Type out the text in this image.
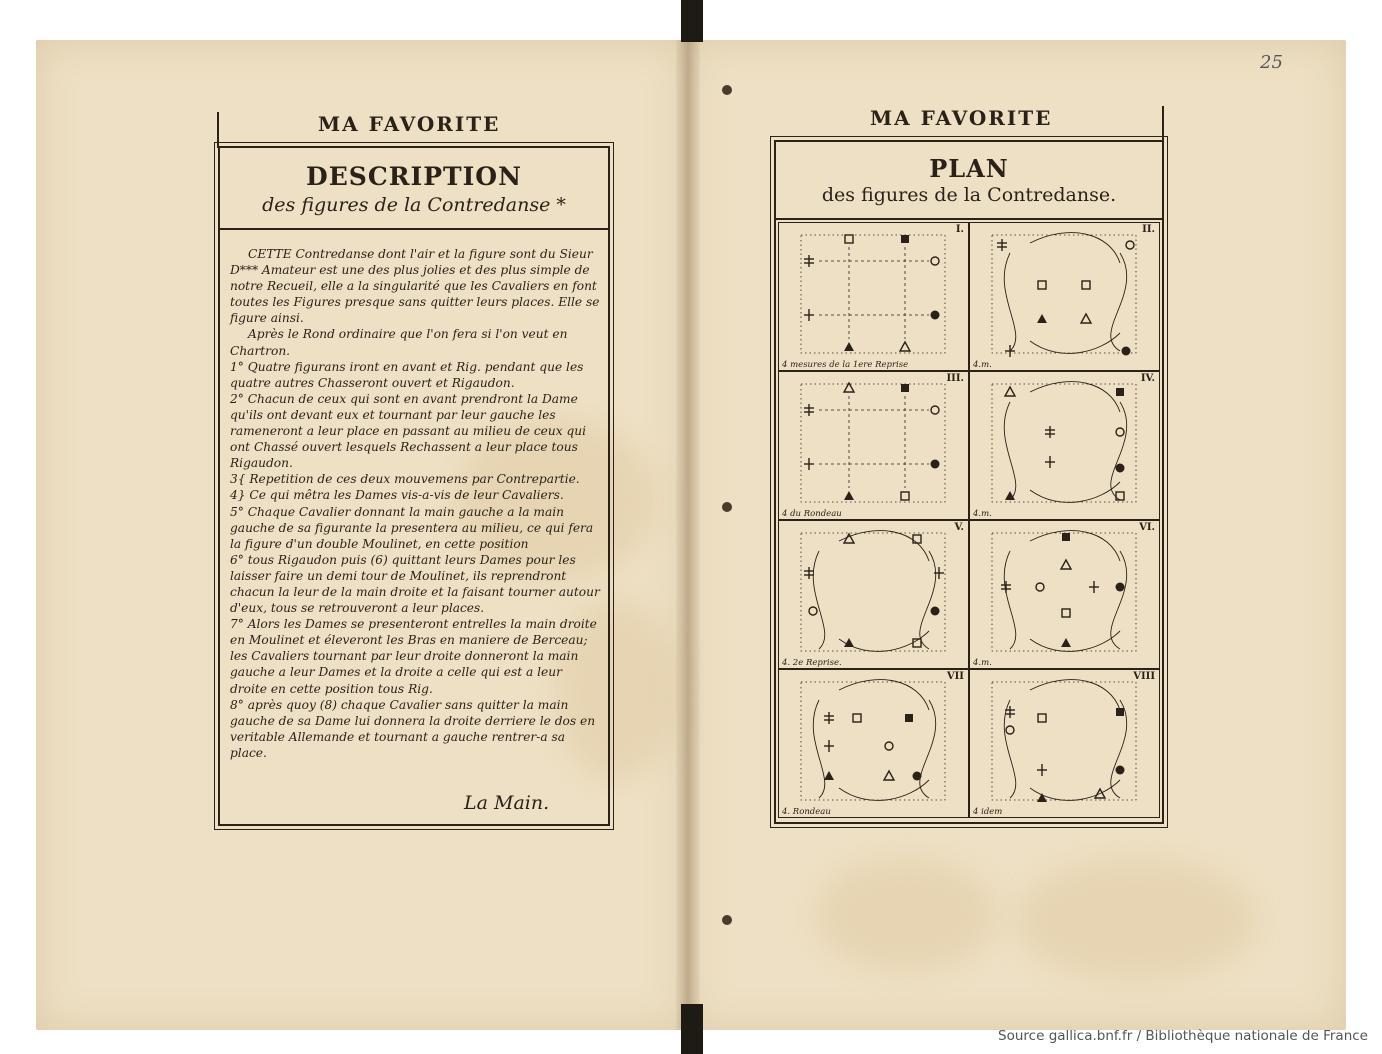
MA FAVORITE
DESCRIPTION
des figures de la Contredanse *

CETTE Contredanse dont l'air et la figure sont du Sieur D*** Amateur est une des plus jolies et des plus simple de notre Recueil, elle a la singularité que les Cavaliers en font toutes les Figures presque sans quitter leurs places. Elle se figure ainsi.

Après le Rond ordinaire que l'on fera si l'on veut en Chartron.

1° Quatre figurans iront en avant et Rig. pendant que les quatre autres Chasseront ouvert et Rigaudon.

2° Chacun de ceux qui sont en avant prendront la Dame qu'ils ont devant eux et tournant par leur gauche les rameneront a leur place en passant au milieu de ceux qui ont Chassé ouvert lesquels Rechassent a leur place tous Rigaudon.

3{ Repetition de ces deux mouvemens par Contrepartie.

4} Ce qui mêtra les Dames vis-a-vis de leur Cavaliers.

5° Chaque Cavalier donnant la main gauche a la main gauche de sa figurante la presentera au milieu, ce qui fera la figure d'un double Moulinet, en cette position

6° tous Rigaudon puis (6) quittant leurs Dames pour les laisser faire un demi tour de Moulinet, ils reprendront chacun la leur de la main droite et la faisant tourner autour d'eux, tous se retrouveront a leur places.

7° Alors les Dames se presenteront entrelles la main droite en Moulinet et éleveront les Bras en maniere de Berceau; les Cavaliers tournant par leur droite donneront la main gauche a leur Dames et la droite a celle qui est a leur droite en cette position tous Rig.

8° après quoy (8) chaque Cavalier sans quitter la main gauche de sa Dame lui donnera la droite derriere le dos en veritable Allemande et tournant a gauche rentrer-a sa place.

La Main.
25
MA FAVORITE
PLAN
des figures de la Contredanse.
I.
4 mesures de la 1ere Reprise
II.
4.m.
III.
4 du Rondeau
IV.
4.m.
V.
4. 2e Reprise.
VI.
4.m.
VII
4. Rondeau
VIII
4 idem
Source gallica.bnf.fr / Bibliothèque nationale de France
